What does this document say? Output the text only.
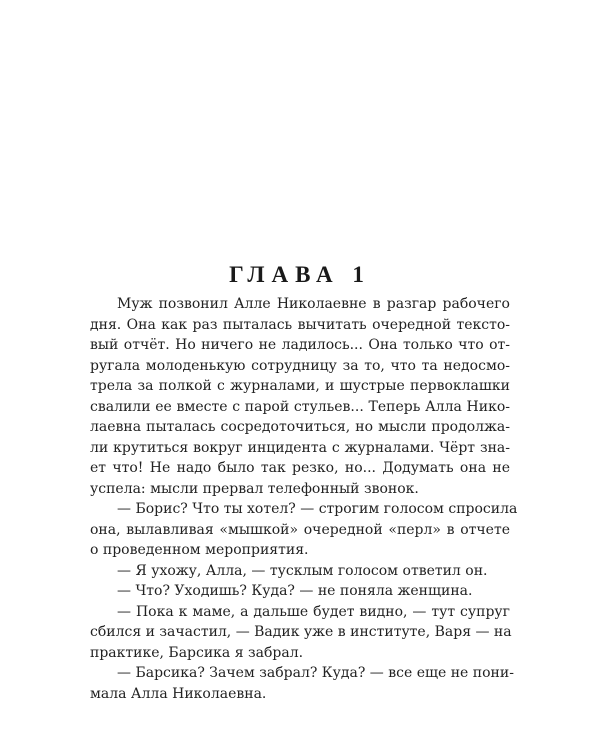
ГЛАВА 1
Муж позвонил Алле Николаевне в разгар рабочего
дня. Она как раз пыталась вычитать очередной тексто-
вый отчёт. Но ничего не ладилось... Она только что от-
ругала молоденькую сотрудницу за то, что та недосмо-
трела за полкой с журналами, и шустрые первоклашки
свалили ее вместе с парой стульев... Теперь Алла Нико-
лаевна пыталась сосредоточиться, но мысли продолжа-
ли крутиться вокруг инцидента с журналами. Чёрт зна-
ет что! Не надо было так резко, но... Додумать она не
успела: мысли прервал телефонный звонок.
— Борис? Что ты хотел? — строгим голосом спросила
она, вылавливая «мышкой» очередной «перл» в отчете
о проведенном мероприятия.
— Я ухожу, Алла, — тусклым голосом ответил он.
— Что? Уходишь? Куда? — не поняла женщина.
— Пока к маме, а дальше будет видно, — тут супруг
сбился и зачастил, — Вадик уже в институте, Варя — на
практике, Барсика я забрал.
— Барсика? Зачем забрал? Куда? — все еще не пони-
мала Алла Николаевна.
